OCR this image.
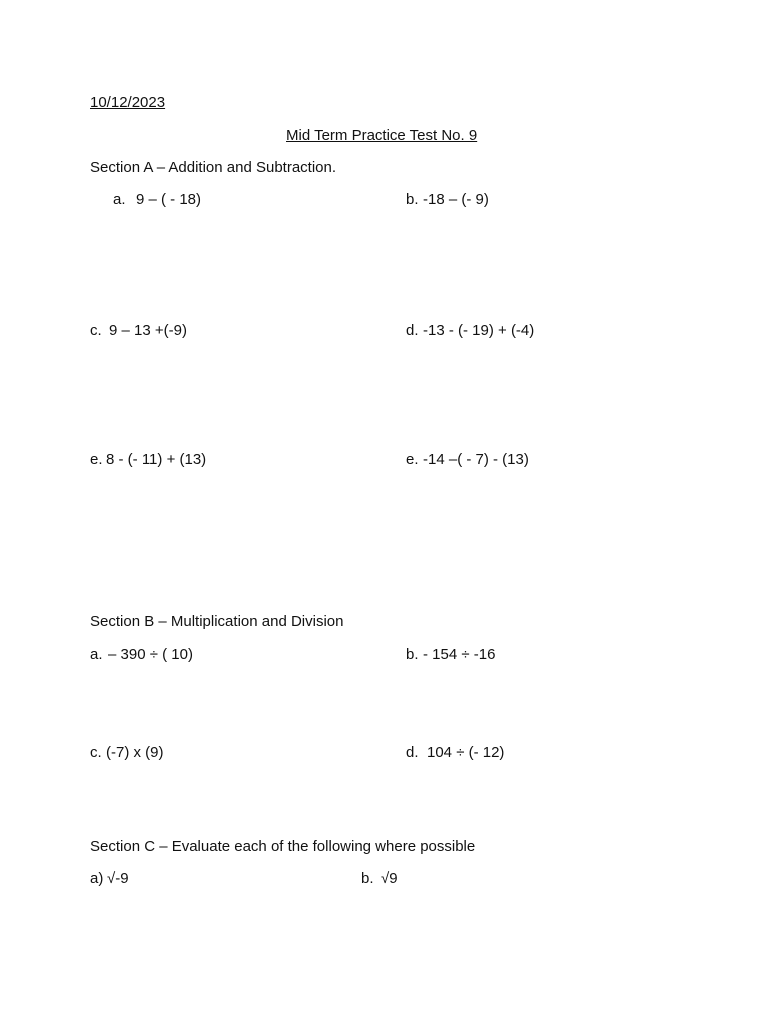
10/12/2023
Mid Term Practice Test No. 9
Section A – Addition and Subtraction.
a. 9 – ( - 18)	b. -18 – (- 9)
c. 9 – 13 +(-9)	d. -13 - (- 19) + (-4)
e. 8 - (- 11) + (13)	e. -14 –( - 7) - (13)
Section B – Multiplication and Division
a. – 390 ÷ ( 10)	b. - 154 ÷ -16
c. (-7) x (9)	d. 104 ÷ (- 12)
Section C – Evaluate each of the following where possible
a) √-9	b. √9
